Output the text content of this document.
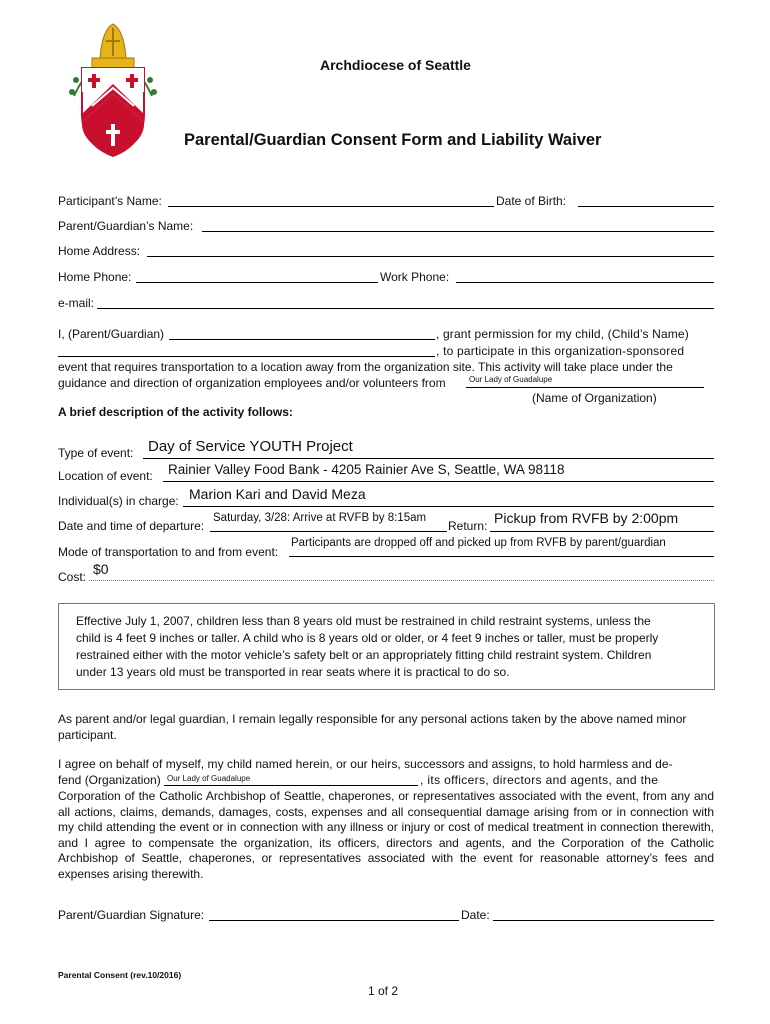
Archdiocese of Seattle
Parental/Guardian Consent Form and Liability Waiver
Participant’s Name:	Date of Birth:
Parent/Guardian’s Name:
Home Address:
Home Phone:	Work Phone:
e-mail:
I, (Parent/Guardian)	, grant permission for my child, (Child’s Name)
, to participate in this organization-sponsored
event that requires transportation to a location away from the organization site. This activity will take place under the
guidance and direction of organization employees and/or volunteers from	Our Lady of Guadalupe
(Name of Organization)
A brief description of the activity follows:
Type of event: Day of Service YOUTH Project
Location of event: Rainier Valley Food Bank - 4205 Rainier Ave S, Seattle, WA 98118
Individual(s) in charge: Marion Kari and David Meza
Date and time of departure:
Saturday, 3/28: Arrive at RVFB by 8:15am
Return: Pickup from RVFB by 2:00pm
Mode of transportation to and from event:
Participants are dropped off and picked up from RVFB by parent/guardian
Cost: $0
Effective July 1, 2007, children less than 8 years old must be restrained in child restraint systems, unless the
child is 4 feet 9 inches or taller. A child who is 8 years old or older, or 4 feet 9 inches or taller, must be properly
restrained either with the motor vehicle’s safety belt or an appropriately fitting child restraint system. Children
under 13 years old must be transported in rear seats where it is practical to do so.
As parent and/or legal guardian, I remain legally responsible for any personal actions taken by the above named minor participant.
I agree on behalf of myself, my child named herein, or our heirs, successors and assigns, to hold harmless and de-
fend (Organization) Our Lady of Guadalupe	, its officers, directors and agents, and the
Corporation of the Catholic Archbishop of Seattle, chaperones, or representatives associated with the event, from any and all actions, claims, demands, damages, costs, expenses and all consequential damage arising from or in connection with my child attending the event or in connection with any illness or injury or cost of medical treatment in connection therewith, and I agree to compensate the organization, its officers, directors and agents, and the Corporation of the Catholic Archbishop of Seattle, chaperones, or representatives associated with the event for reasonable attorney’s fees and expenses arising therewith.
Parent/Guardian Signature:	Date:
Parental Consent (rev.10/2016)
1 of 2
